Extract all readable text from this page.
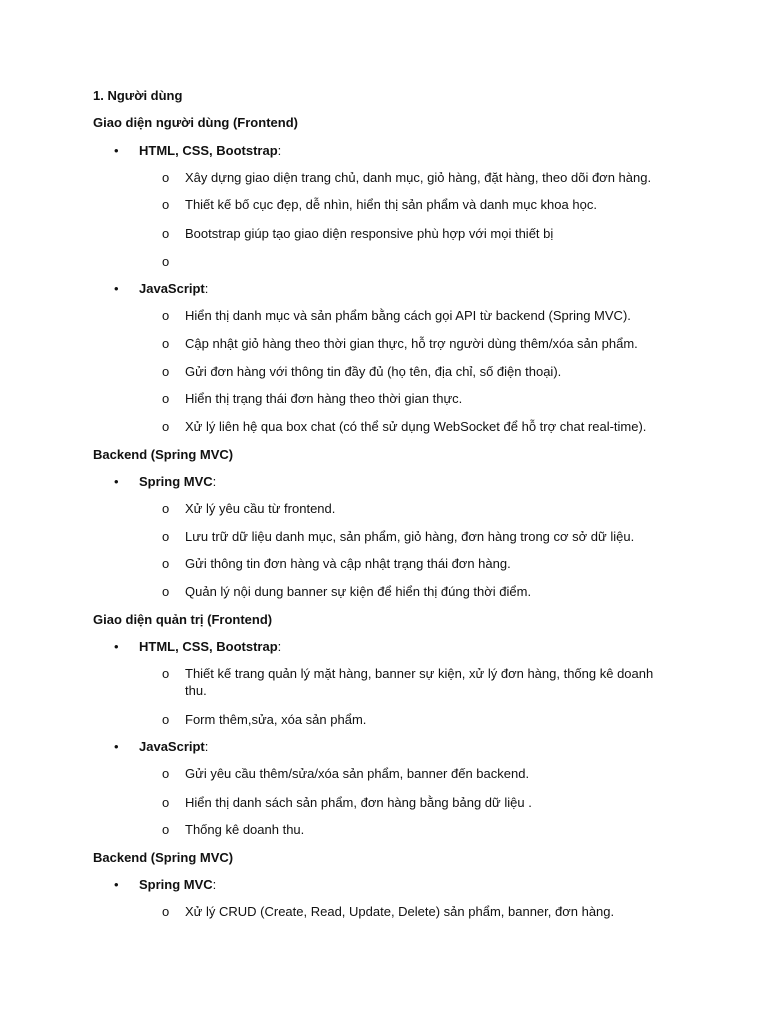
1. Người dùng
Giao diện người dùng (Frontend)
• HTML, CSS, Bootstrap:
o Xây dựng giao diện trang chủ, danh mục, giỏ hàng, đặt hàng, theo dõi đơn hàng.
o Thiết kế bố cục đẹp, dễ nhìn, hiển thị sản phẩm và danh mục khoa học.
o Bootstrap giúp tạo giao diện responsive phù hợp với mọi thiết bị
o
• JavaScript:
o Hiển thị danh mục và sản phẩm bằng cách gọi API từ backend (Spring MVC).
o Cập nhật giỏ hàng theo thời gian thực, hỗ trợ người dùng thêm/xóa sản phẩm.
o Gửi đơn hàng với thông tin đầy đủ (họ tên, địa chỉ, số điện thoại).
o Hiển thị trạng thái đơn hàng theo thời gian thực.
o Xử lý liên hệ qua box chat (có thể sử dụng WebSocket để hỗ trợ chat real-time).
Backend (Spring MVC)
• Spring MVC:
o Xử lý yêu cầu từ frontend.
o Lưu trữ dữ liệu danh mục, sản phẩm, giỏ hàng, đơn hàng trong cơ sở dữ liệu.
o Gửi thông tin đơn hàng và cập nhật trạng thái đơn hàng.
o Quản lý nội dung banner sự kiện để hiển thị đúng thời điểm.
Giao diện quản trị (Frontend)
• HTML, CSS, Bootstrap:
o Thiết kế trang quản lý mặt hàng, banner sự kiện, xử lý đơn hàng, thống kê doanh thu.
o Form thêm,sửa, xóa sản phẩm.
• JavaScript:
o Gửi yêu cầu thêm/sửa/xóa sản phẩm, banner đến backend.
o Hiển thị danh sách sản phẩm, đơn hàng bằng bảng dữ liệu .
o Thống kê doanh thu.
Backend (Spring MVC)
• Spring MVC:
o Xử lý CRUD (Create, Read, Update, Delete) sản phẩm, banner, đơn hàng.
